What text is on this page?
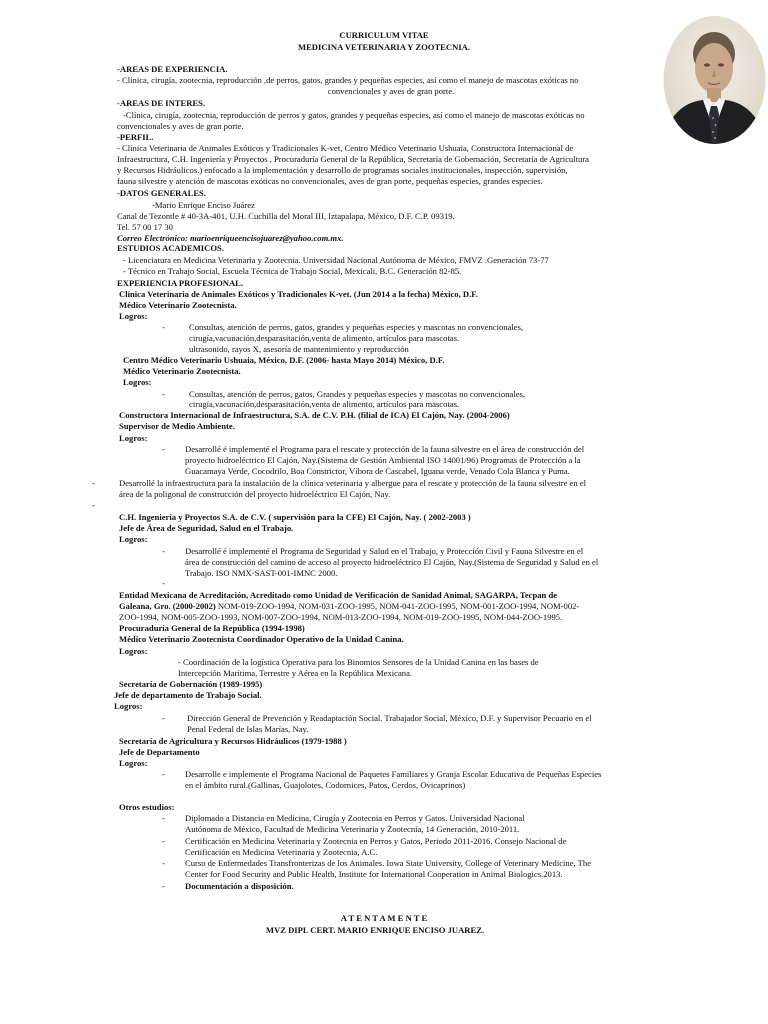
CURRICULUM VITAE
MEDICINA VETERINARIA Y ZOOTECNIA.
-AREAS DE EXPERIENCIA.
- Clínica, cirugía, zootecnia, reproducción ,de perros, gatos, grandes y pequeñas especies, así como el manejo de mascotas exóticas no
convencionales y aves de gran porte.
-AREAS DE INTERES.
-Clínica, cirugía, zootecnia, reproducción de perros y gatos, grandes y pequeñas especies, así como el manejo de mascotas exóticas no
convencionales y aves de gran porte.
-PERFIL.
- Clínica Veterinaria de Animales Exóticos y Tradicionales K-vet, Centro Médico Veterinario Ushuaia, Constructora Internacional de
Infraestructura, C.H. Ingeniería y Proyectos , Procuraduría General de la República, Secretaría de Gobernación, Secretaría de Agricultura
y Recursos Hidráulicos.) enfocado a la implementación y desarrollo de programas sociales institucionales, inspección, supervisión,
fauna silvestre y atención de mascotas exóticas no convencionales, aves de gran porte, pequeñas especies, grandes especies.
-DATOS GENERALES.
-Mario Enrique Enciso Juárez
Canal de Tezontle # 40-3A-401, U.H. Cuchilla del Moral III, Iztapalapa, México, D.F. C.P. 09319.
Tel. 57 00 17 30
Correo Electrónico: marioenriqueencisojuarez@yahoo.com.mx.
ESTUDIOS ACADEMICOS.
- Licenciatura en Medicina Veterinaria y Zootecnia. Universidad Nacional Autónoma de México, FMVZ .Generación 73-77
- Técnico en Trabajo Social, Escuela Técnica de Trabajo Social, Mexicali, B.C. Generación 82-85.
EXPERIENCIA PROFESIONAL.
Clínica Veterinaria de Animales Exóticos y Tradicionales K-vet. (Jun 2014 a la fecha) México, D.F.
Médico Veterinario Zootecnista.
Logros:
-	Consultas, atención de perros, gatos, grandes y pequeñas especies y mascotas no convencionales,
cirugía,vacunación,desparasitación,venta de alimento, artículos para mascotas.
ultrasonido, rayos X, asesoría de mantenimiento y reproducción
Centro Médico Veterinario Ushuaia, México, D.F. (2006- hasta Mayo 2014) México, D.F.
Médico Veterinario Zootecnista.
Logros:
-	Consultas, atención de perros, gatos, Grandes y pequeñas especies y mascotas no convencionales,
cirugía,vacunación,desparasitación,venta de alimento, artículos para mascotas.
Constructora Internacional de Infraestructura, S.A. de C.V. P.H. (filial de ICA) El Cajón, Nay. (2004-2006)
Supervisor de Medio Ambiente.
Logros:
- Desarrollé é implementé el Programa para el rescate y protección de la fauna silvestre en el área de construcción del
proyecto hidroeléctrico El Cajón, Nay.(Sistema de Gestión Ambiental ISO 14001/96) Programas de Protección a la
Guacamaya Verde, Cocodrilo, Boa Constrictor, Víbora de Cascabel, Iguana verde, Venado Cola Blanca y Puma.
-	Desarrollé la infraestructura para la instalación de la clínica veterinaria y albergue para el rescate y protección de la fauna silvestre en el
área de la poligonal de construcción del proyecto hidroeléctrico El Cajón, Nay.
-
C.H. Ingeniería y Proyectos S.A. de C.V. ( supervisión para la CFE) El Cajón, Nay. ( 2002-2003 )
Jefe de Área de Seguridad, Salud en el Trabajo.
Logros:
- Desarrollé é implementé el Programa de Seguridad y Salud en el Trabajo, y Protección Civil y Fauna Silvestre en el
área de construcción del camino de acceso al proyecto hidroeléctrico El Cajón, Nay.(Sistema de Seguridad y Salud en el
Trabajo. ISO NMX-SAST-001-IMNC 2000.
-
Entidad Mexicana de Acreditación, Acreditado como Unidad de Verificación de Sanidad Animal, SAGARPA, Tecpan de
Galeana, Gro. (2000-2002) NOM-019-ZOO-1994, NOM-031-ZOO-1995, NOM-041-ZOO-1995, NOM-001-ZOO-1994, NOM-002-
ZOO-1994, NOM-005-ZOO-1993, NOM-007-ZOO-1994, NOM-013-ZOO-1994, NOM-019-ZOO-1995, NOM-044-ZOO-1995.
Procuraduría General de la República (1994-1998)
Médico Veterinario Zootecnista Coordinador Operativo de la Unidad Canina.
Logros:
- Coordinación de la logística Operativa para los Binomios Sensores de la Unidad Canina en las bases de
Intercepción Marítima, Terrestre y Aérea en la República Mexicana.
Secretaría de Gobernación (1989-1995)
Jefe de departamento de Trabajo Social.
Logros:
-	Dirección General de Prevención y Readaptación Social. Trabajador Social, México, D.F. y Supervisor Pecuario en el
Penal Federal de Islas Marías, Nay.
Secretaría de Agricultura y Recursos Hidráulicos (1979-1988 )
Jefe de Departamento
Logros:
- Desarrolle e implemente el Programa Nacional de Paquetes Familiares y Granja Escolar Educativa de Pequeñas Especies
en el ámbito rural.(Gallinas, Guajolotes, Codornices, Patos, Cerdos, Ovicaprinos)
Otros estudios:
- Diplomado a Distancia en Medicina, Cirugía y Zootecnia en Perros y Gatos. Universidad Nacional
Autónoma de México, Facultad de Medicina Veterinaria y Zootecnia, 14 Generación, 2010-2011.
- Certificación en Medicina Veterinaria y Zootecnia en Perros y Gatos, Periodo 2011-2016. Consejo Nacional de
Certificación en Medicina Veterinaria y Zootecnia, A.C.
- Curso de Enfermedades Transfronterizas de los Animales. Iowa State University, College of Veterinary Medicine, The
Center for Food Security and Public Health, Institute for International Cooperation in Animal Biologics.2013.
- Documentación a disposición.
A T E N T A M E N T E
MVZ DIPL CERT. MARIO ENRIQUE ENCISO JUAREZ.
